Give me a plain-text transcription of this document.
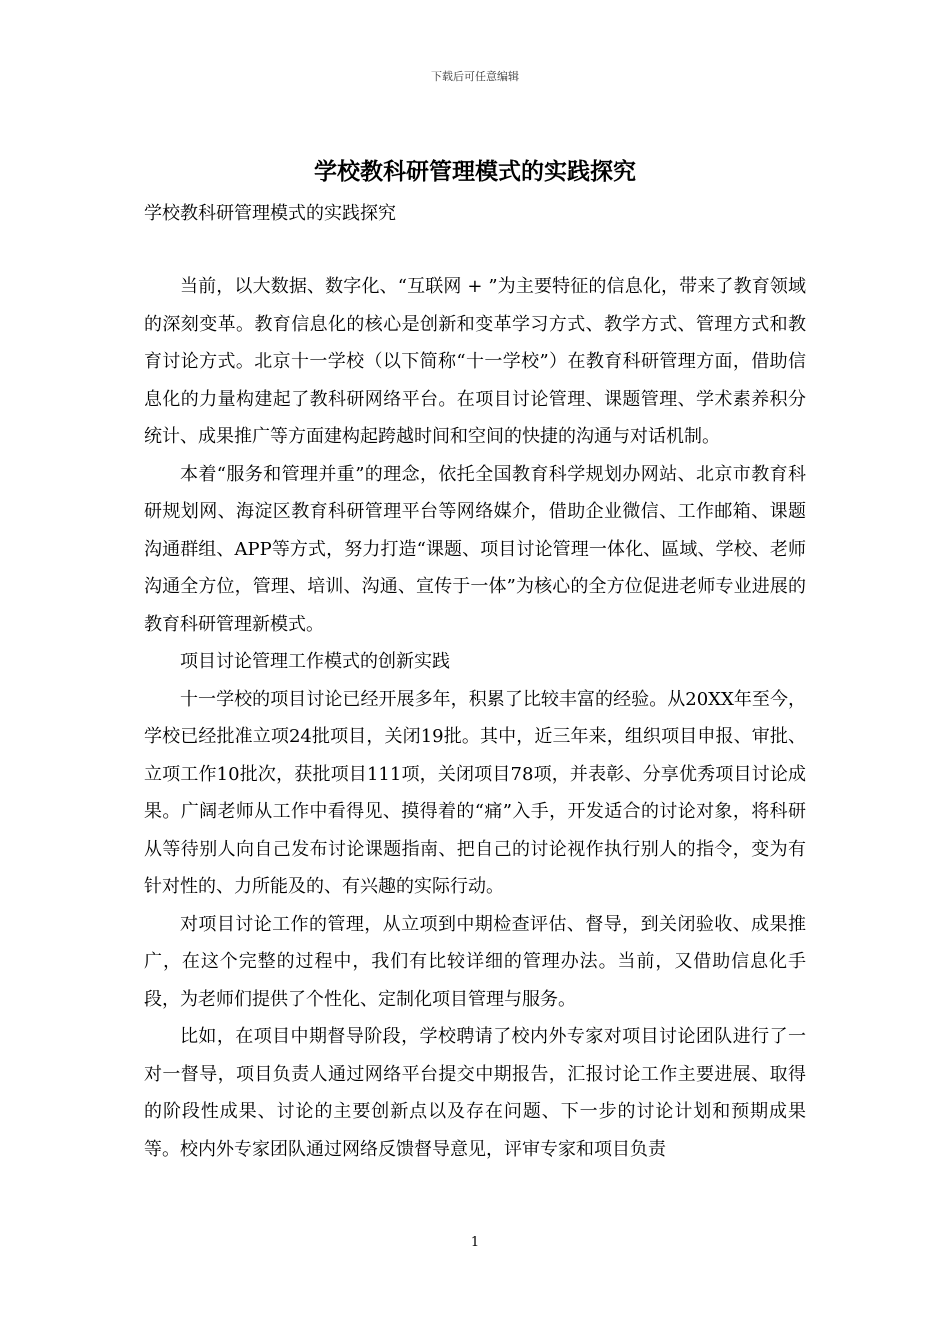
下载后可任意编辑
学校教科研管理模式的实践探究

学校教科研管理模式的实践探究

当前，以大数据、数字化、“互联网 + ”为主要特征的信息化，带来了教育领域的深刻变革。教育信息化的核心是创新和变革学习方式、教学方式、管理方式和教育讨论方式。北京十一学校（以下简称“十一学校”）在教育科研管理方面，借助信息化的力量构建起了教科研网络平台。在项目讨论管理、课题管理、学术素养积分统计、成果推广等方面建构起跨越时间和空间的快捷的沟通与对话机制。

本着“服务和管理并重”的理念，依托全国教育科学规划办网站、北京市教育科研规划网、海淀区教育科研管理平台等网络媒介，借助企业微信、工作邮箱、课题沟通群组、APP等方式，努力打造“课题、项目讨论管理一体化、區域、学校、老师沟通全方位，管理、培训、沟通、宣传于一体”为核心的全方位促进老师专业进展的教育科研管理新模式。

项目讨论管理工作模式的创新实践

十一学校的项目讨论已经开展多年，积累了比较丰富的经验。从20XX年至今，学校已经批准立项24批项目，关闭19批。其中，近三年来，组织项目申报、审批、立项工作10批次，获批项目111项，关闭项目78项，并表彰、分享优秀项目讨论成果。广阔老师从工作中看得见、摸得着的“痛”入手，开发适合的讨论对象，将科研从等待别人向自己发布讨论课题指南、把自己的讨论视作执行别人的指令，变为有针对性的、力所能及的、有兴趣的实际行动。

对项目讨论工作的管理，从立项到中期检查评估、督导，到关闭验收、成果推广，在这个完整的过程中，我们有比较详细的管理办法。当前，又借助信息化手段，为老师们提供了个性化、定制化项目管理与服务。

比如，在项目中期督导阶段，学校聘请了校内外专家对项目讨论团队进行了一对一督导，项目负责人通过网络平台提交中期报告，汇报讨论工作主要进展、取得的阶段性成果、讨论的主要创新点以及存在问题、下一步的讨论计划和预期成果等。校内外专家团队通过网络反馈督导意见，评审专家和项目负责

1
